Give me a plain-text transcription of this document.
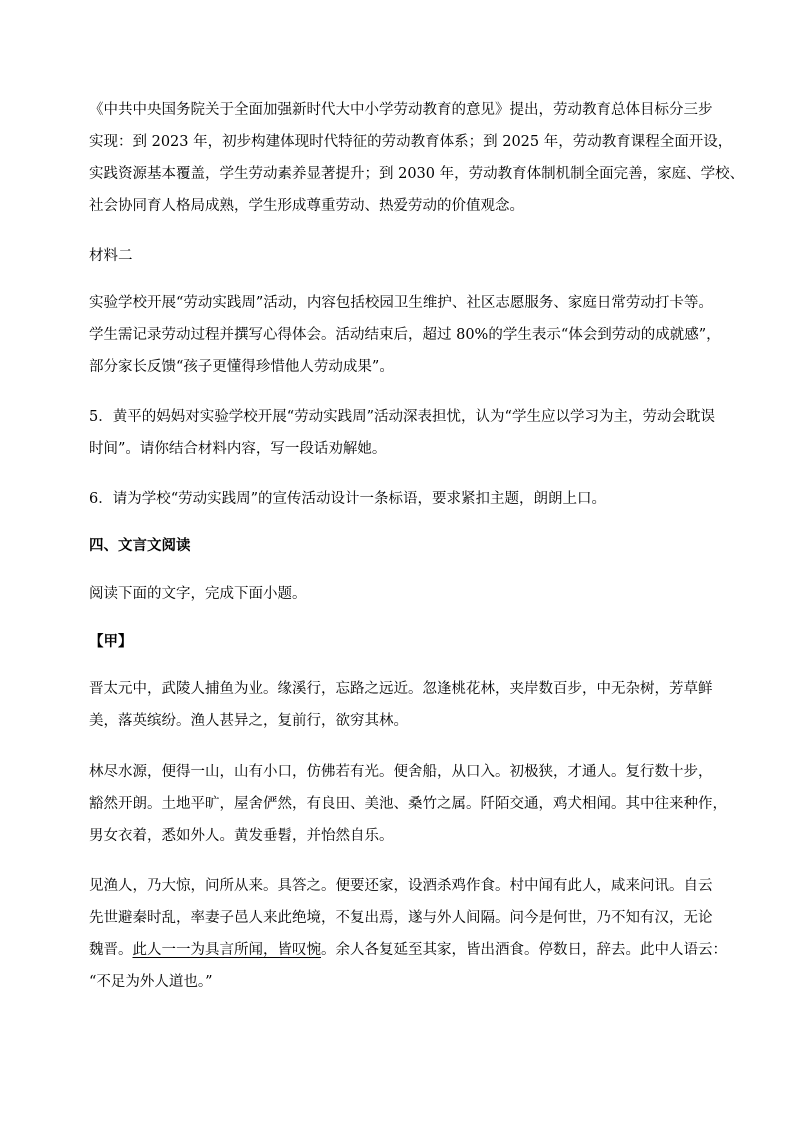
《中共中央国务院关于全面加强新时代大中小学劳动教育的意见》提出，劳动教育总体目标分三步
实现：到 2023 年，初步构建体现时代特征的劳动教育体系；到 2025 年，劳动教育课程全面开设，
实践资源基本覆盖，学生劳动素养显著提升；到 2030 年，劳动教育体制机制全面完善，家庭、学校、
社会协同育人格局成熟，学生形成尊重劳动、热爱劳动的价值观念。

材料二

实验学校开展“劳动实践周”活动，内容包括校园卫生维护、社区志愿服务、家庭日常劳动打卡等。
学生需记录劳动过程并撰写心得体会。活动结束后，超过 80%的学生表示“体会到劳动的成就感”，
部分家长反馈“孩子更懂得珍惜他人劳动成果”。

5．黄平的妈妈对实验学校开展“劳动实践周”活动深表担忧，认为“学生应以学习为主，劳动会耽误
时间”。请你结合材料内容，写一段话劝解她。

6．请为学校“劳动实践周”的宣传活动设计一条标语，要求紧扣主题，朗朗上口。

四、文言文阅读

阅读下面的文字，完成下面小题。

【甲】

晋太元中，武陵人捕鱼为业。缘溪行，忘路之远近。忽逢桃花林，夹岸数百步，中无杂树，芳草鲜
美，落英缤纷。渔人甚异之，复前行，欲穷其林。

林尽水源，便得一山，山有小口，仿佛若有光。便舍船，从口入。初极狭，才通人。复行数十步，
豁然开朗。土地平旷，屋舍俨然，有良田、美池、桑竹之属。阡陌交通，鸡犬相闻。其中往来种作，
男女衣着，悉如外人。黄发垂髫，并怡然自乐。

见渔人，乃大惊，问所从来。具答之。便要还家，设酒杀鸡作食。村中闻有此人，咸来问讯。自云
先世避秦时乱，率妻子邑人来此绝境，不复出焉，遂与外人间隔。问今是何世，乃不知有汉，无论
魏晋。此人一一为具言所闻，皆叹惋。余人各复延至其家，皆出酒食。停数日，辞去。此中人语云：
“不足为外人道也。”
